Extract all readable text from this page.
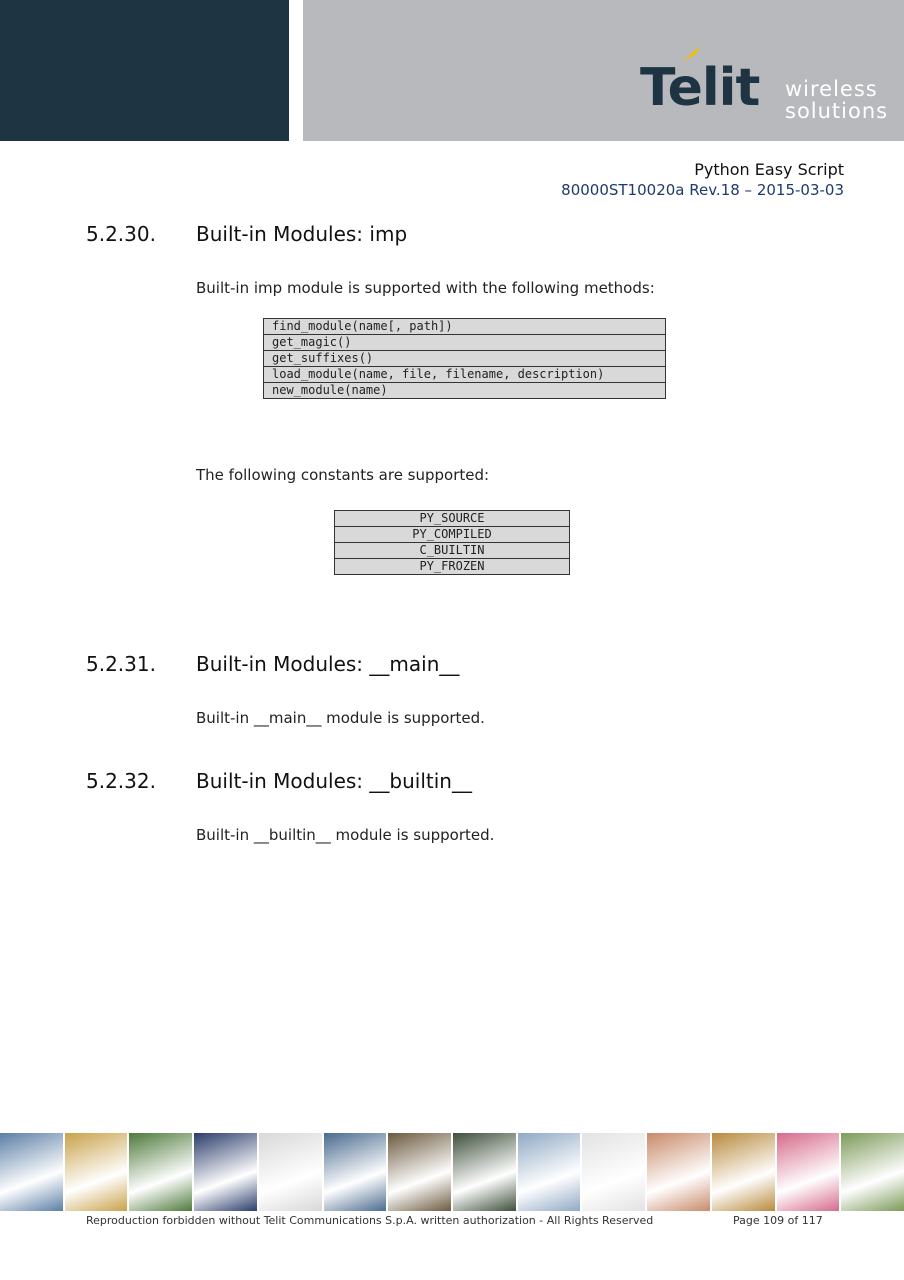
Telit wireless
solutions
Python Easy Script
80000ST10020a Rev.18 – 2015-03-03
5.2.30. Built-in Modules: imp
Built-in imp module is supported with the following methods:
find_module(name[, path])
get_magic()
get_suffixes()
load_module(name, file, filename, description)
new_module(name)
The following constants are supported:
PY_SOURCE
PY_COMPILED
C_BUILTIN
PY_FROZEN
5.2.31. Built-in Modules: __main__
Built-in __main__ module is supported.
5.2.32. Built-in Modules: __builtin__
Built-in __builtin__ module is supported.
Reproduction forbidden without Telit Communications S.p.A. written authorization - All Rights Reserved	Page 109 of 117
